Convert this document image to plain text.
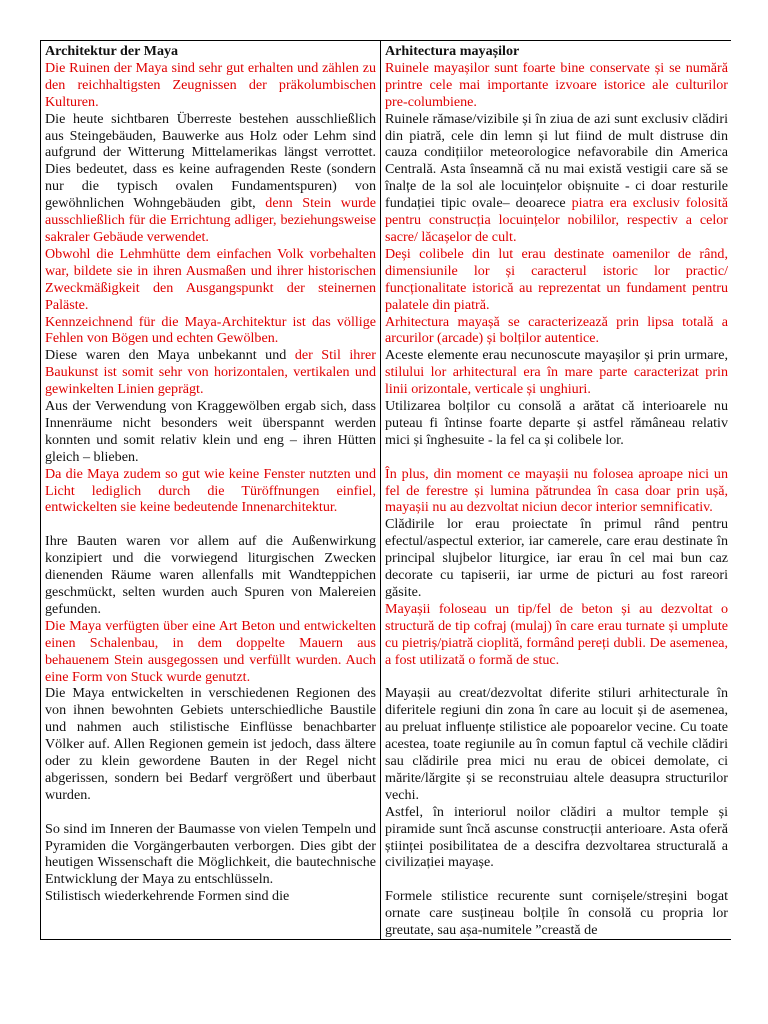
Architektur der Maya
Die Ruinen der Maya sind sehr gut erhalten und zählen zu den reichhaltigsten Zeugnissen der präkolumbischen Kulturen.
Die heute sichtbaren Überreste bestehen ausschließlich aus Steingebäuden, Bauwerke aus Holz oder Lehm sind aufgrund der Witterung Mittelamerikas längst verrottet. Dies bedeutet, dass es keine aufragenden Reste (sondern nur die typisch ovalen Fundamentspuren) von gewöhnlichen Wohngebäuden gibt, denn Stein wurde ausschließlich für die Errichtung adliger, beziehungsweise sakraler Gebäude verwendet.
Obwohl die Lehmhütte dem einfachen Volk vorbehalten war, bildete sie in ihren Ausmaßen und ihrer historischen Zweckmäßigkeit den Ausgangspunkt der steinernen Paläste.
Kennzeichnend für die Maya-Architektur ist das völlige Fehlen von Bögen und echten Gewölben.
Diese waren den Maya unbekannt und der Stil ihrer Baukunst ist somit sehr von horizontalen, vertikalen und gewinkelten Linien geprägt.
Aus der Verwendung von Kraggewölben ergab sich, dass Innenräume nicht besonders weit überspannt werden konnten und somit relativ klein und eng – ihren Hütten gleich – blieben.
Da die Maya zudem so gut wie keine Fenster nutzten und Licht lediglich durch die Türöffnungen einfiel, entwickelten sie keine bedeutende Innenarchitektur.
Ihre Bauten waren vor allem auf die Außenwirkung konzipiert und die vorwiegend liturgischen Zwecken dienenden Räume waren allenfalls mit Wandteppichen geschmückt, selten wurden auch Spuren von Malereien gefunden.
Die Maya verfügten über eine Art Beton und entwickelten einen Schalenbau, in dem doppelte Mauern aus behauenem Stein ausgegossen und verfüllt wurden. Auch eine Form von Stuck wurde genutzt.
Die Maya entwickelten in verschiedenen Regionen des von ihnen bewohnten Gebiets unterschiedliche Baustile und nahmen auch stilistische Einflüsse benachbarter Völker auf. Allen Regionen gemein ist jedoch, dass ältere oder zu klein gewordene Bauten in der Regel nicht abgerissen, sondern bei Bedarf vergrößert und überbaut wurden.
So sind im Inneren der Baumasse von vielen Tempeln und Pyramiden die Vorgängerbauten verborgen. Dies gibt der heutigen Wissenschaft die Möglichkeit, die bautechnische Entwicklung der Maya zu entschlüsseln.
Stilistisch wiederkehrende Formen sind die

Arhitectura mayașilor
Ruinele mayașilor sunt foarte bine conservate și se numără printre cele mai importante izvoare istorice ale culturilor pre-columbiene.
Ruinele rămase/vizibile și în ziua de azi sunt exclusiv clădiri din piatră, cele din lemn și lut fiind de mult distruse din cauza condițiilor meteorologice nefavorabile din America Centrală. Asta înseamnă că nu mai există vestigii care să se înalțe de la sol ale locuințelor obișnuite - ci doar resturile fundației tipic ovale– deoarece piatra era exclusiv folosită pentru construcția locuințelor nobililor, respectiv a celor sacre/ lăcașelor de cult.
Deși colibele din lut erau destinate oamenilor de rând, dimensiunile lor și caracterul istoric lor practic/ funcționalitate istorică au reprezentat un fundament pentru palatele din piatră.
Arhitectura mayașă se caracterizează prin lipsa totală a arcurilor (arcade) și bolților autentice.
Aceste elemente erau necunoscute mayașilor și prin urmare, stilului lor arhitectural era în mare parte caracterizat prin linii orizontale, verticale și unghiuri.
Utilizarea bolților cu consolă a arătat că interioarele nu puteau fi întinse foarte departe și astfel rămâneau relativ mici și înghesuite - la fel ca și colibele lor.
În plus, din moment ce mayașii nu folosea aproape nici un fel de ferestre și lumina pătrundea în casa doar prin ușă, mayașii nu au dezvoltat niciun decor interior semnificativ.
Clădirile lor erau proiectate în primul rând pentru efectul/aspectul exterior, iar camerele, care erau destinate în principal slujbelor liturgice, iar erau în cel mai bun caz decorate cu tapiserii, iar urme de picturi au fost rareori găsite.
Mayașii foloseau un tip/fel de beton și au dezvoltat o structură de tip cofraj (mulaj) în care erau turnate și umplute cu pietriș/piatră cioplită, formând pereți dubli. De asemenea, a fost utilizată o formă de stuc.
Mayașii au creat/dezvoltat diferite stiluri arhitecturale în diferitele regiuni din zona în care au locuit și de asemenea, au preluat influențe stilistice ale popoarelor vecine. Cu toate acestea, toate regiunile au în comun faptul că vechile clădiri sau clădirile prea mici nu erau de obicei demolate, ci mărite/lărgite și se reconstruiau altele deasupra structurilor vechi.
Astfel, în interiorul noilor clădiri a multor temple și piramide sunt încă ascunse construcții anterioare. Asta oferă științei posibilitatea de a descifra dezvoltarea structurală a civilizației mayașe.
Formele stilistice recurente sunt cornișele/streșini bogat ornate care susțineau bolțile în consolă cu propria lor greutate, sau așa-numitele ”creastă de
